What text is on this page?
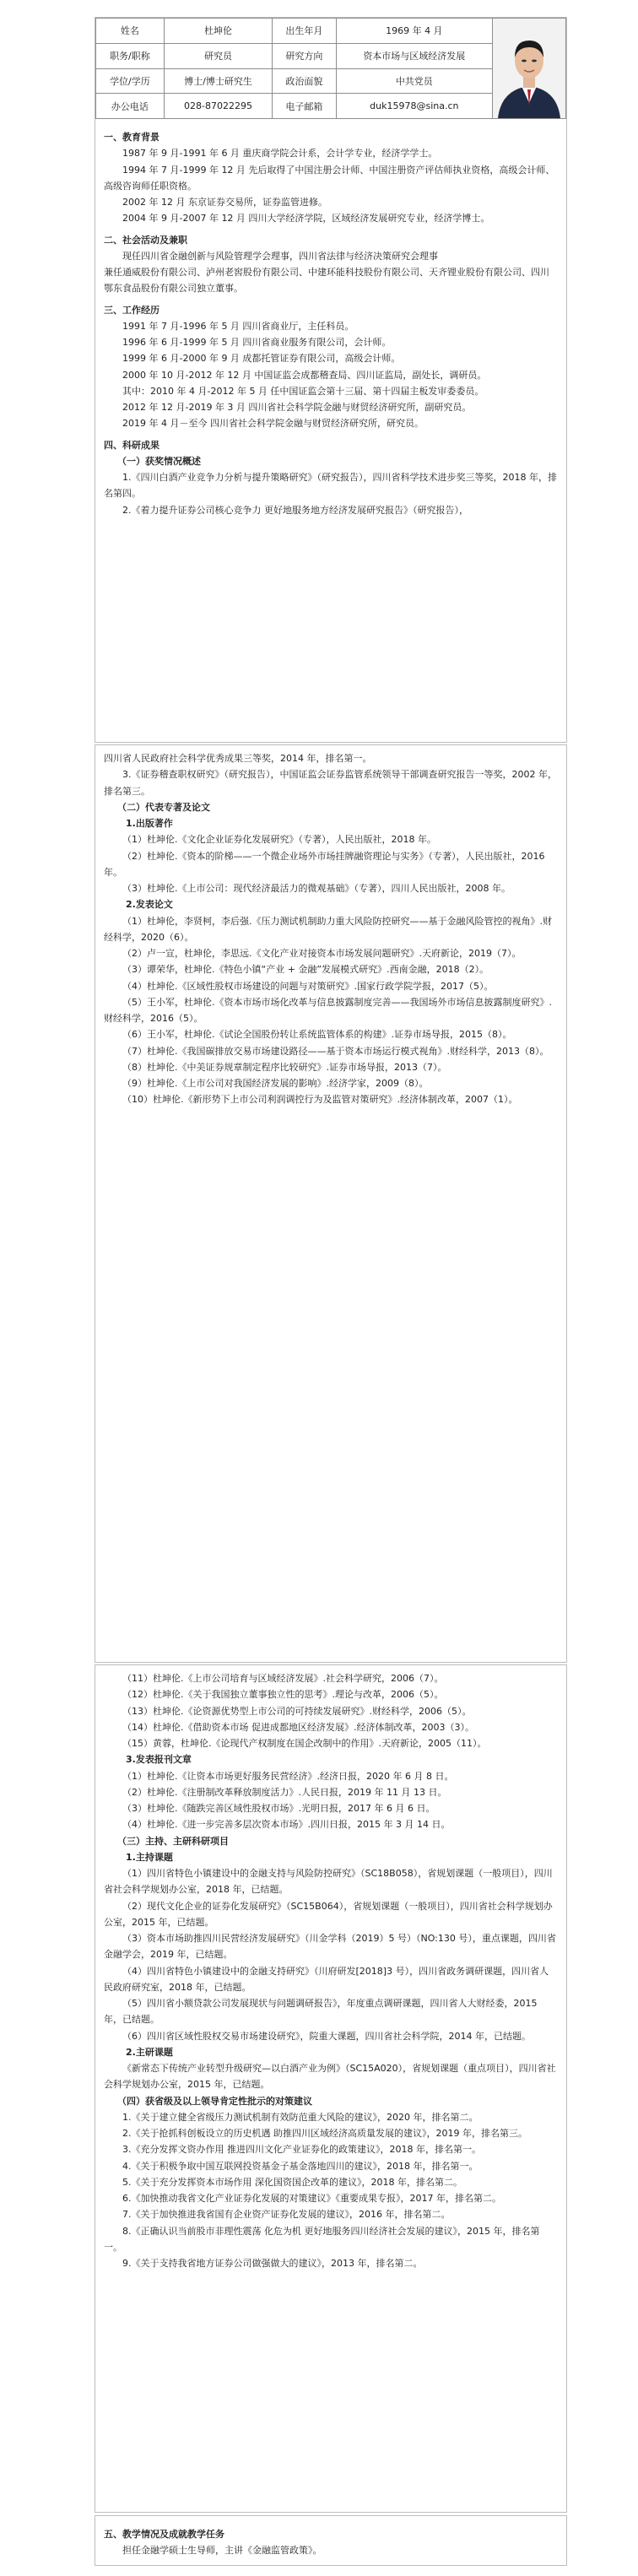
姓名	杜坤伦	出生年月	1969 年 4 月	

职务/职称	研究员	研究方向	资本市场与区域经济发展	
学位/学历	博士/博士研究生	政治面貌	中共党员	
办公电话	028-87022295	电子邮箱	duk15978@sina.cn	
一、教育背景
1987 年 9 月-1991 年 6 月 重庆商学院会计系，会计学专业，经济学学士。
1994 年 7 月-1999 年 12 月 先后取得了中国注册会计师、中国注册资产评估师执业资格，高级会计师、高级咨询师任职资格。
2002 年 12 月 东京证券交易所，证券监管进修。
2004 年 9 月-2007 年 12 月 四川大学经济学院，区域经济发展研究专业，经济学博士。
二、社会活动及兼职
现任四川省金融创新与风险管理学会理事，四川省法律与经济决策研究会理事
兼任通威股份有限公司、泸州老窖股份有限公司、中建环能科技股份有限公司、天齐锂业股份有限公司、四川鄂东食品股份有限公司独立董事。
三、工作经历
1991 年 7 月-1996 年 5 月 四川省商业厅，主任科员。
1996 年 6 月-1999 年 5 月 四川省商业服务有限公司，会计师。
1999 年 6 月-2000 年 9 月 成都托管证券有限公司，高级会计师。
2000 年 10 月-2012 年 12 月 中国证监会成都稽查局、四川证监局，副处长，调研员。
其中：2010 年 4 月-2012 年 5 月 任中国证监会第十三届、第十四届主板发审委委员。
2012 年 12 月-2019 年 3 月 四川省社会科学院金融与财贸经济研究所，副研究员。
2019 年 4 月－至今 四川省社会科学院金融与财贸经济研究所，研究员。
四、科研成果
（一）获奖情况概述
1.《四川白酒产业竞争力分析与提升策略研究》（研究报告），四川省科学技术进步奖三等奖，2018 年，排名第四。
2.《着力提升证券公司核心竞争力 更好地服务地方经济发展研究报告》（研究报告），
四川省人民政府社会科学优秀成果三等奖，2014 年，排名第一。
3.《证券稽查职权研究》（研究报告），中国证监会证券监管系统领导干部调查研究报告一等奖，2002 年，排名第三。
（二）代表专著及论文
1.出版著作
（1）杜坤伦.《文化企业证券化发展研究》（专著），人民出版社，2018 年。
（2）杜坤伦.《资本的阶梯——一个微企业场外市场挂牌融资理论与实务》（专著），人民出版社，2016 年。
（3）杜坤伦.《上市公司：现代经济最活力的微观基础》（专著），四川人民出版社，2008 年。
2.发表论文
（1）杜坤伦，李贤柯，李后强.《压力测试机制助力重大风险防控研究——基于金融风险管控的视角》.财经科学，2020（6）。
（2）卢一宣，杜坤伦，李思远.《文化产业对接资本市场发展问题研究》.天府新论，2019（7）。
（3）谭荣华，杜坤伦.《特色小镇“产业 + 金融”发展模式研究》.西南金融，2018（2）。
（4）杜坤伦.《区域性股权市场建设的问题与对策研究》.国家行政学院学报，2017（5）。
（5）王小军，杜坤伦.《资本市场市场化改革与信息披露制度完善——我国场外市场信息披露制度研究》.财经科学，2016（5）。
（6）王小军，杜坤伦.《试论全国股份转让系统监管体系的构建》.证券市场导报，2015（8）。
（7）杜坤伦.《我国碳排放交易市场建设路径——基于资本市场运行模式视角》.财经科学，2013（8）。
（8）杜坤伦.《中美证券规章制定程序比较研究》.证券市场导报，2013（7）。
（9）杜坤伦.《上市公司对我国经济发展的影响》.经济学家，2009（8）。
（10）杜坤伦.《新形势下上市公司利润调控行为及监管对策研究》.经济体制改革，2007（1）。
（11）杜坤伦.《上市公司培育与区域经济发展》.社会科学研究，2006（7）。
（12）杜坤伦.《关于我国独立董事独立性的思考》.理论与改革，2006（5）。
（13）杜坤伦.《论资源优势型上市公司的可持续发展研究》.财经科学，2006（5）。
（14）杜坤伦.《借助资本市场 促进成都地区经济发展》.经济体制改革，2003（3）。
（15）黄蓉，杜坤伦.《论现代产权制度在国企改制中的作用》.天府新论，2005（11）。
3.发表报刊文章
（1）杜坤伦.《让资本市场更好服务民营经济》.经济日报，2020 年 6 月 8 日。
（2）杜坤伦.《注册制改革释放制度活力》.人民日报，2019 年 11 月 13 日。
（3）杜坤伦.《随跌完善区域性股权市场》.光明日报，2017 年 6 月 6 日。
（4）杜坤伦.《进一步完善多层次资本市场》.四川日报，2015 年 3 月 14 日。
（三）主持、主研科研项目
1.主持课题
（1）四川省特色小镇建设中的金融支持与风险防控研究》（SC18B058），省规划课题（一般项目），四川省社会科学规划办公室，2018 年，已结题。
（2）现代文化企业的证券化发展研究》（SC15B064），省规划课题（一般项目），四川省社会科学规划办公室，2015 年，已结题。
（3）资本市场助推四川民营经济发展研究》（川金学科（2019）5 号）（NO:130 号），重点课题，四川省金融学会，2019 年，已结题。
（4）四川省特色小镇建设中的金融支持研究》（川府研发[2018]3 号），四川省政务调研课题，四川省人民政府研究室，2018 年，已结题。
（5）四川省小额贷款公司发展现状与问题调研报告》，年度重点调研课题，四川省人大财经委，2015 年，已结题。
（6）四川省区域性股权交易市场建设研究》，院重大课题，四川省社会科学院，2014 年，已结题。
2.主研课题
《新常态下传统产业转型升级研究—以白酒产业为例》（SC15A020），省规划课题（重点项目），四川省社会科学规划办公室，2015 年，已结题。
（四）获省级及以上领导肯定性批示的对策建议
1.《关于建立健全省级压力测试机制有效防范重大风险的建议》，2020 年，排名第二。
2.《关于抢抓科创板设立的历史机遇 助推四川区域经济高质量发展的建议》，2019 年，排名第三。
3.《充分发挥文资办作用 推进四川文化产业证券化的政策建议》，2018 年，排名第一。
4.《关于积极争取中国互联网投资基金子基金落地四川的建议》，2018 年，排名第一。
5.《关于充分发挥资本市场作用 深化国资国企改革的建议》，2018 年，排名第二。
6.《加快推动我省文化产业证券化发展的对策建议》《重要成果专报》，2017 年，排名第二。
7.《关于加快推进我省国有企业资产证券化发展的建议》，2016 年，排名第二。
8.《正确认识当前股市非理性震荡 化危为机 更好地服务四川经济社会发展的建议》，2015 年，排名第一。
9.《关于支持我省地方证券公司做强做大的建议》，2013 年，排名第二。
五、教学情况及成就教学任务
担任金融学硕士生导师，主讲《金融监管政策》。
